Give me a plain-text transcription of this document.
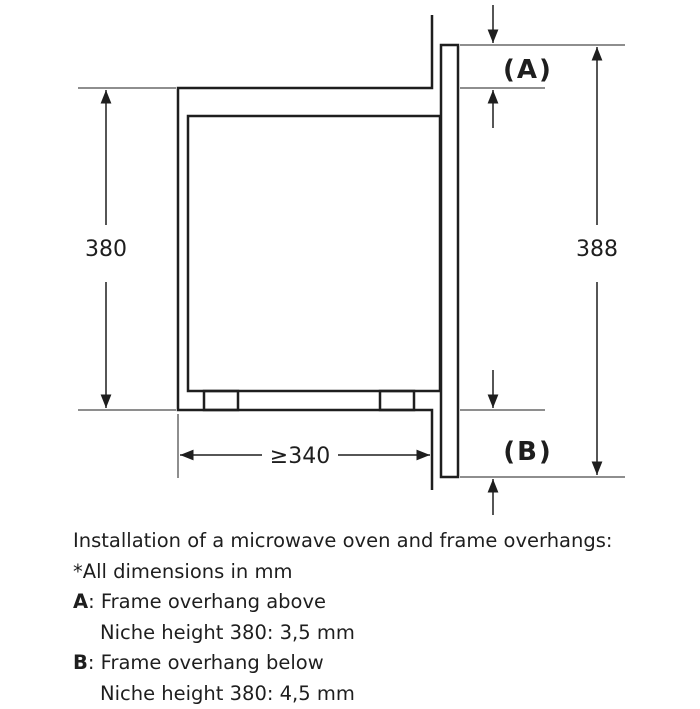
380	388
≥340
(A)
(B)
Installation of a microwave oven and frame overhangs:
*All dimensions in mm
A: Frame overhang above
Niche height 380: 3,5 mm
B: Frame overhang below
Niche height 380: 4,5 mm
